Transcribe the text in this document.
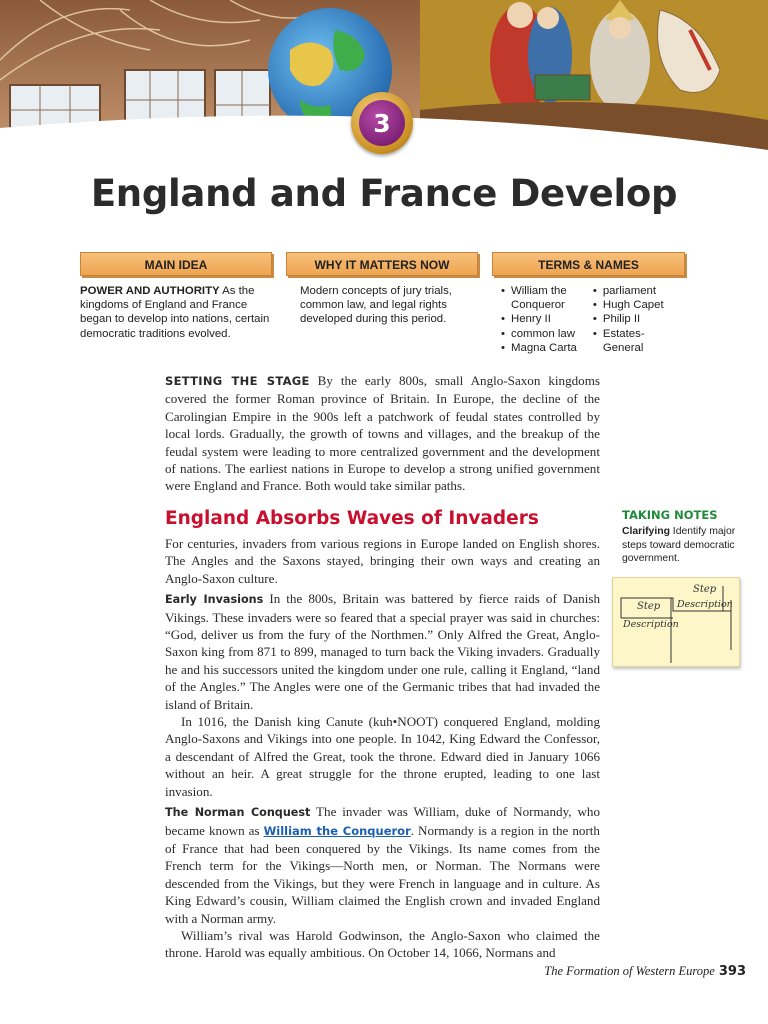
3
England and France Develop
MAIN IDEA
POWER AND AUTHORITY As the kingdoms of England and France began to develop into nations, certain democratic traditions evolved.
WHY IT MATTERS NOW
Modern concepts of jury trials, common law, and legal rights developed during this period.
TERMS & NAMES
• William the Conqueror
• Henry II
• common law
• Magna Carta
• parliament
• Hugh Capet
• Philip II
• Estates-General

SETTING THE STAGE By the early 800s, small Anglo-Saxon kingdoms covered the former Roman province of Britain. In Europe, the decline of the Carolingian Empire in the 900s left a patchwork of feudal states controlled by local lords. Gradually, the growth of towns and villages, and the breakup of the feudal system were leading to more centralized government and the development of nations. The earliest nations in Europe to develop a strong unified government were England and France. Both would take similar paths.

England Absorbs Waves of Invaders

For centuries, invaders from various regions in Europe landed on English shores. The Angles and the Saxons stayed, bringing their own ways and creating an Anglo-Saxon culture.

Early Invasions In the 800s, Britain was battered by fierce raids of Danish Vikings. These invaders were so feared that a special prayer was said in churches: “God, deliver us from the fury of the Northmen.” Only Alfred the Great, Anglo-Saxon king from 871 to 899, managed to turn back the Viking invaders. Gradually he and his successors united the kingdom under one rule, calling it England, “land of the Angles.” The Angles were one of the Germanic tribes that had invaded the island of Britain.

In 1016, the Danish king Canute (kuh•NOOT) conquered England, molding Anglo-Saxons and Vikings into one people. In 1042, King Edward the Confessor, a descendant of Alfred the Great, took the throne. Edward died in January 1066 without an heir. A great struggle for the throne erupted, leading to one last invasion.

The Norman Conquest The invader was William, duke of Normandy, who became known as William the Conqueror. Normandy is a region in the north of France that had been conquered by the Vikings. Its name comes from the French term for the Vikings—North men, or Norman. The Normans were descended from the Vikings, but they were French in language and in culture. As King Edward’s cousin, William claimed the English crown and invaded England with a Norman army.

William’s rival was Harold Godwinson, the Anglo-Saxon who claimed the throne. Harold was equally ambitious. On October 14, 1066, Normans and

TAKING NOTES
Clarifying Identify major steps toward democratic government.
Step
Description
Step
Description
The Formation of Western Europe 393
